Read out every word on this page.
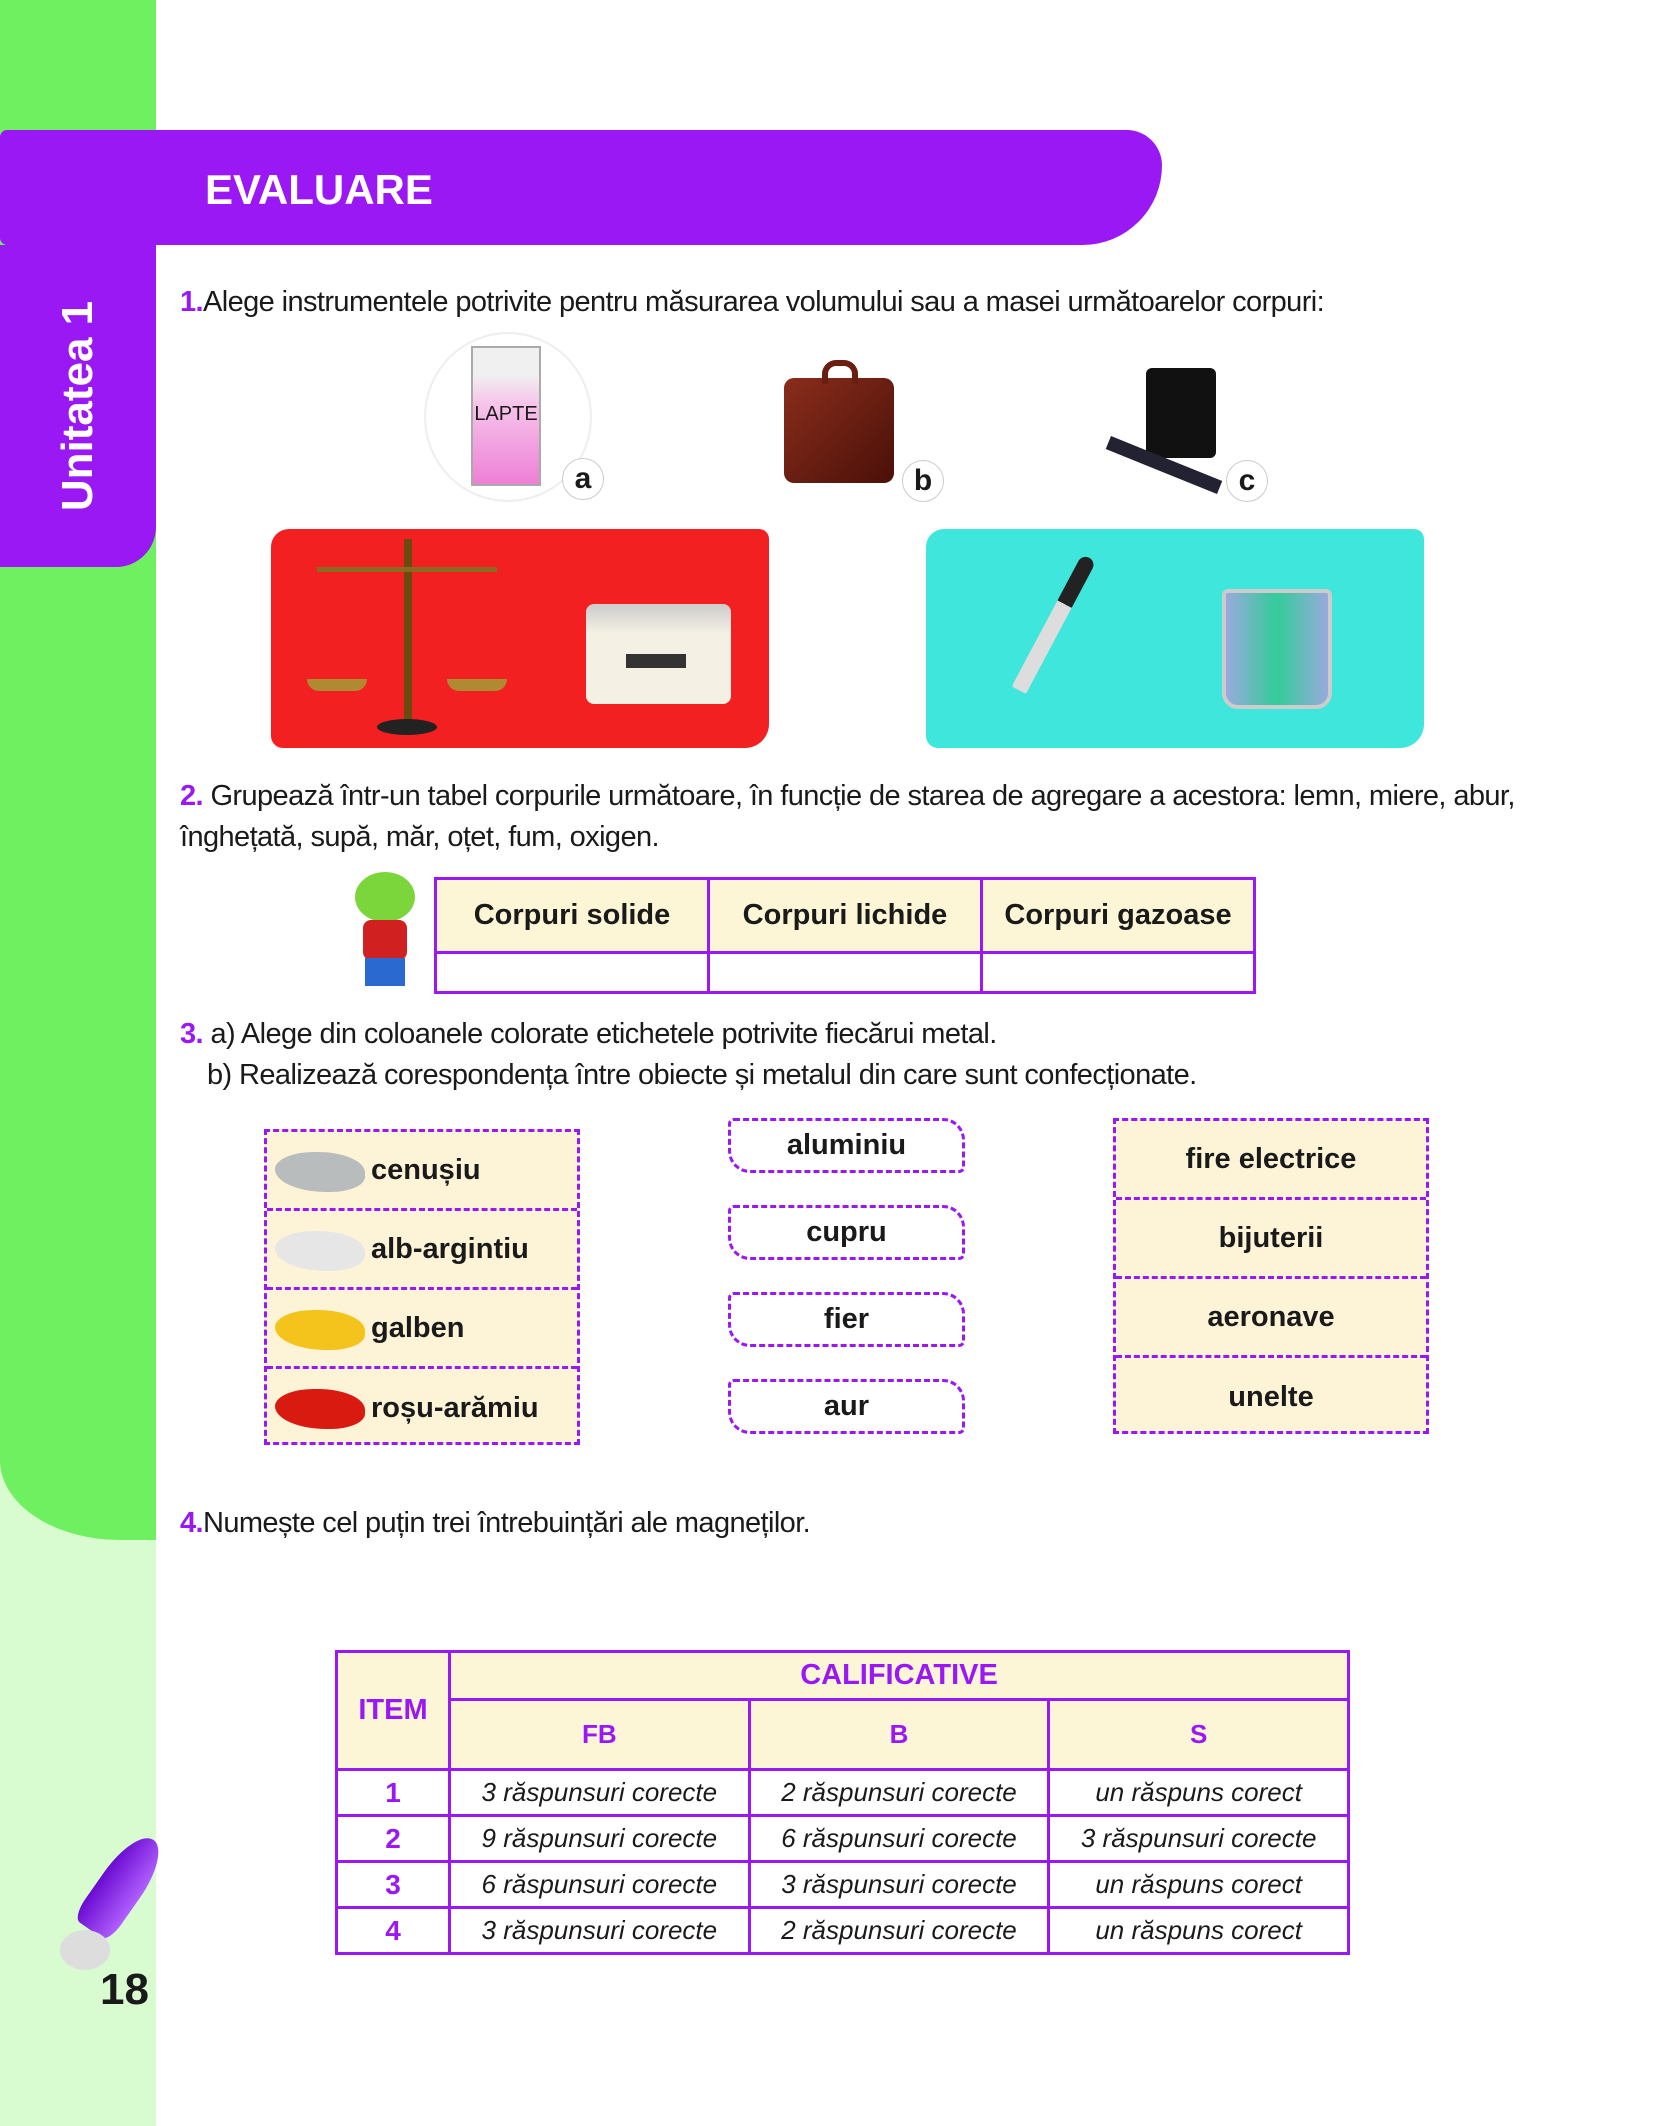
EVALUARE
Unitatea 1	1.Alege instrumentele potrivite pentru măsurarea volumului sau a masei următoarelor corpuri:
LAPTE
a	b	c
2. Grupează într-un tabel corpurile următoare, în funcție de starea de agregare a acestora: lemn, miere, abur, înghețată, supă, măr, oțet, fum, oxigen.
Corpuri solide	Corpuri lichide	Corpuri gazoase

3. a) Alege din coloanele colorate etichetele potrivite fiecărui metal.
b) Realizează corespondența între obiecte și metalul din care sunt confecționate.
cenușiu
alb-argintiu
galben
roșu-arămiu
aluminiu
cupru
fier
aur
fire electrice
bijuterii
aeronave
unelte
4.Numește cel puțin trei întrebuințări ale magneților.
ITEM	CALIFICATIVE		
	FB	B	S
1	3 răspunsuri corecte	2 răspunsuri corecte	un răspuns corect
2	9 răspunsuri corecte	6 răspunsuri corecte	3 răspunsuri corecte
3	6 răspunsuri corecte	3 răspunsuri corecte	un răspuns corect
4	3 răspunsuri corecte	2 răspunsuri corecte	un răspuns corect
18
